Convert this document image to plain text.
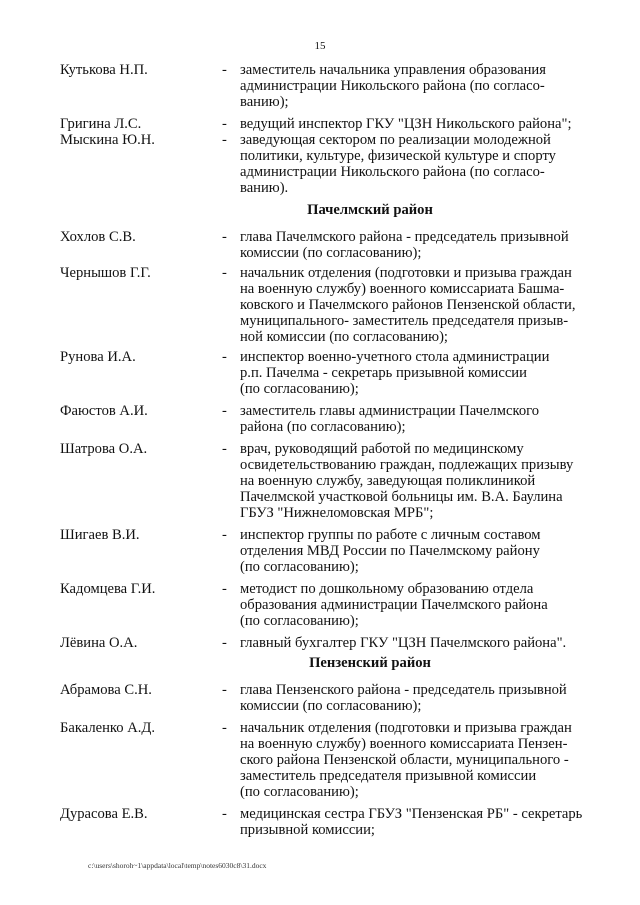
15
Кутькова Н.П.	- заместитель начальника управления образования
администрации Никольского района (по согласо-
ванию);
Григина Л.С.	- ведущий инспектор ГКУ "ЦЗН Никольского района";
Мыскина Ю.Н.	- заведующая сектором по реализации молодежной
политики, культуре, физической культуре и спорту
администрации Никольского района (по согласо-
ванию).
Пачелмский район
Хохлов С.В.	- глава Пачелмского района - председатель призывной
комиссии (по согласованию);
Чернышов Г.Г.	- начальник отделения (подготовки и призыва граждан
на военную службу) военного комиссариата Башма-
ковского и Пачелмского районов Пензенской области,
муниципального- заместитель председателя призыв-
ной комиссии (по согласованию);
Рунова И.А.	- инспектор военно-учетного стола администрации
р.п. Пачелма - секретарь призывной комиссии
(по согласованию);
Фаюстов А.И.	- заместитель главы администрации Пачелмского
района (по согласованию);
Шатрова О.А.	- врач, руководящий работой по медицинскому
освидетельствованию граждан, подлежащих призыву
на военную службу, заведующая поликлиникой
Пачелмской участковой больницы им. В.А. Баулина
ГБУЗ "Нижнеломовская МРБ";
Шигаев В.И.	- инспектор группы по работе с личным составом
отделения МВД России по Пачелмскому району
(по согласованию);
Кадомцева Г.И.	- методист по дошкольному образованию отдела
образования администрации Пачелмского района
(по согласованию);
Лёвина О.А.	- главный бухгалтер ГКУ "ЦЗН Пачелмского района".
Пензенский район
Абрамова С.Н.	- глава Пензенского района - председатель призывной
комиссии (по согласованию);
Бакаленко А.Д.	- начальник отделения (подготовки и призыва граждан
на военную службу) военного комиссариата Пензен-
ского района Пензенской области, муниципального -
заместитель председателя призывной комиссии
(по согласованию);
Дурасова Е.В.	- медицинская сестра ГБУЗ "Пензенская РБ" - секретарь
призывной комиссии;
c:\users\shoroh~1\appdata\local\temp\notes6030c8\31.docx
